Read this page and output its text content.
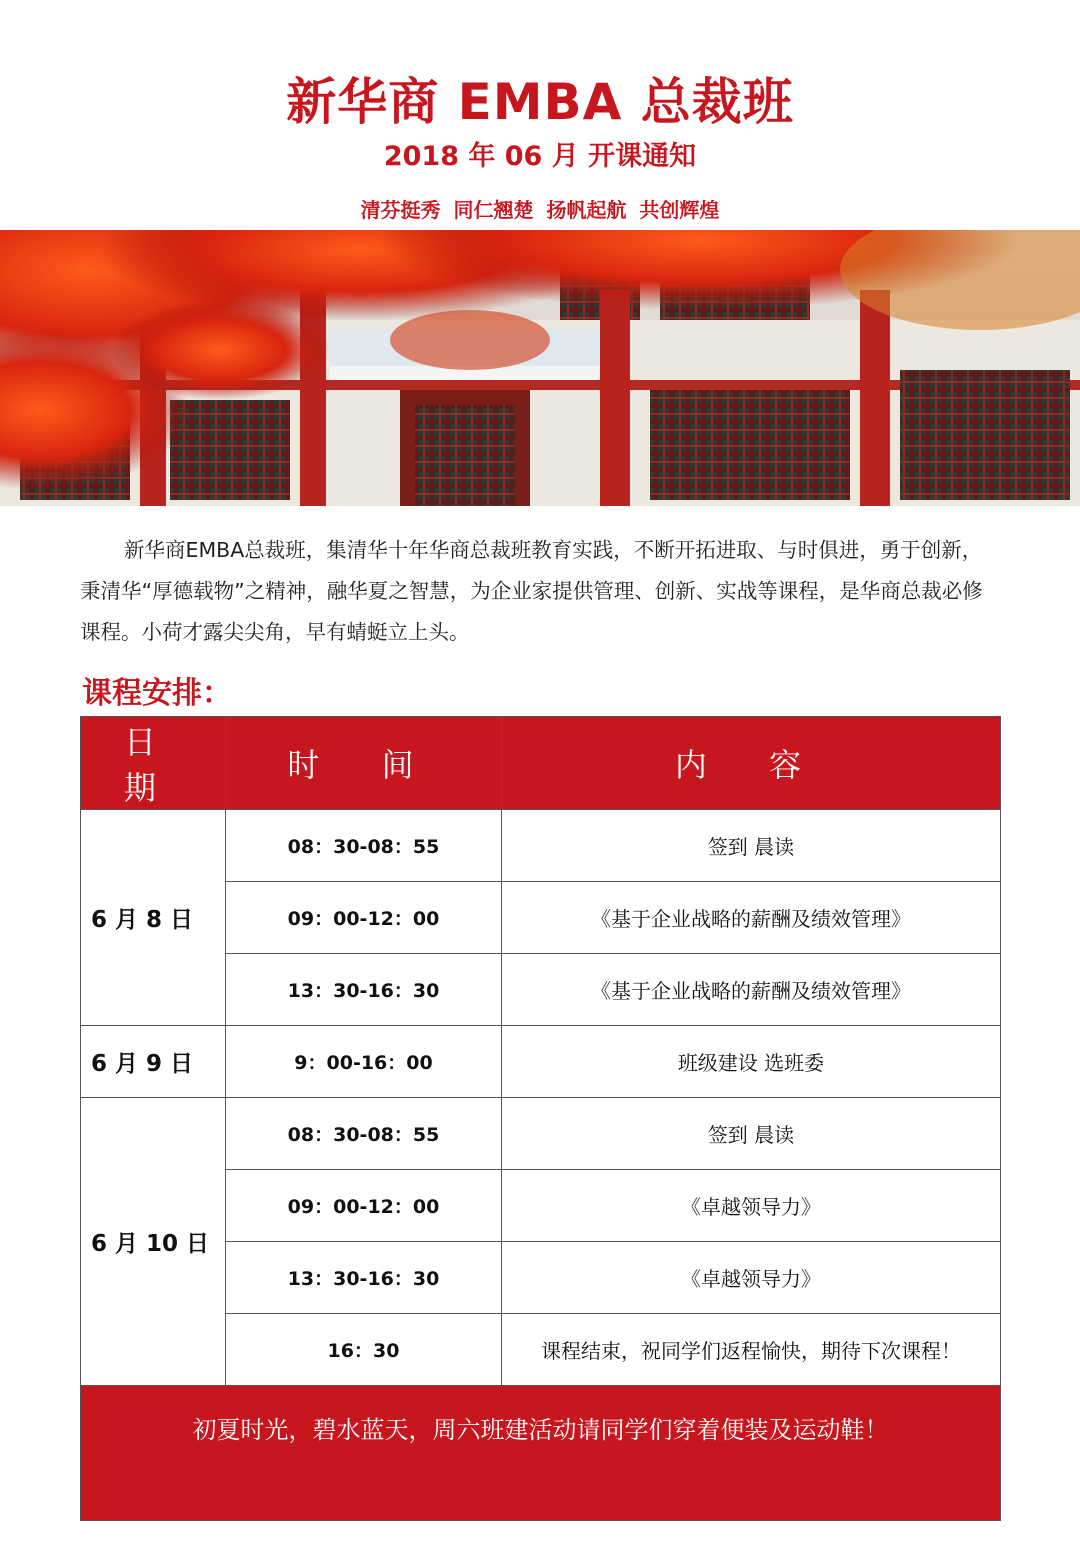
新华商 EMBA 总裁班
2018 年 06 月 开课通知
清芬挺秀 同仁翘楚 扬帆起航 共创辉煌

新华商EMBA总裁班，集清华十年华商总裁班教育实践，不断开拓进取、与时俱进，勇于创新，秉清华“厚德载物”之精神，融华夏之智慧，为企业家提供管理、创新、实战等课程，是华商总裁必修课程。小荷才露尖尖角，早有蜻蜓立上头。

课程安排：
日 期	时 间	内 容
6 月 8 日	08：30-08：55	签到 晨读
	09：00-12：00	《基于企业战略的薪酬及绩效管理》
	13：30-16：30	《基于企业战略的薪酬及绩效管理》
6 月 9 日	9：00-16：00	班级建设 选班委
6 月 10 日	08：30-08：55	签到 晨读
	09：00-12：00	《卓越领导力》
	13：30-16：30	《卓越领导力》
	16：30	课程结束，祝同学们返程愉快，期待下次课程！
初夏时光，碧水蓝天，周六班建活动请同学们穿着便装及运动鞋！		
